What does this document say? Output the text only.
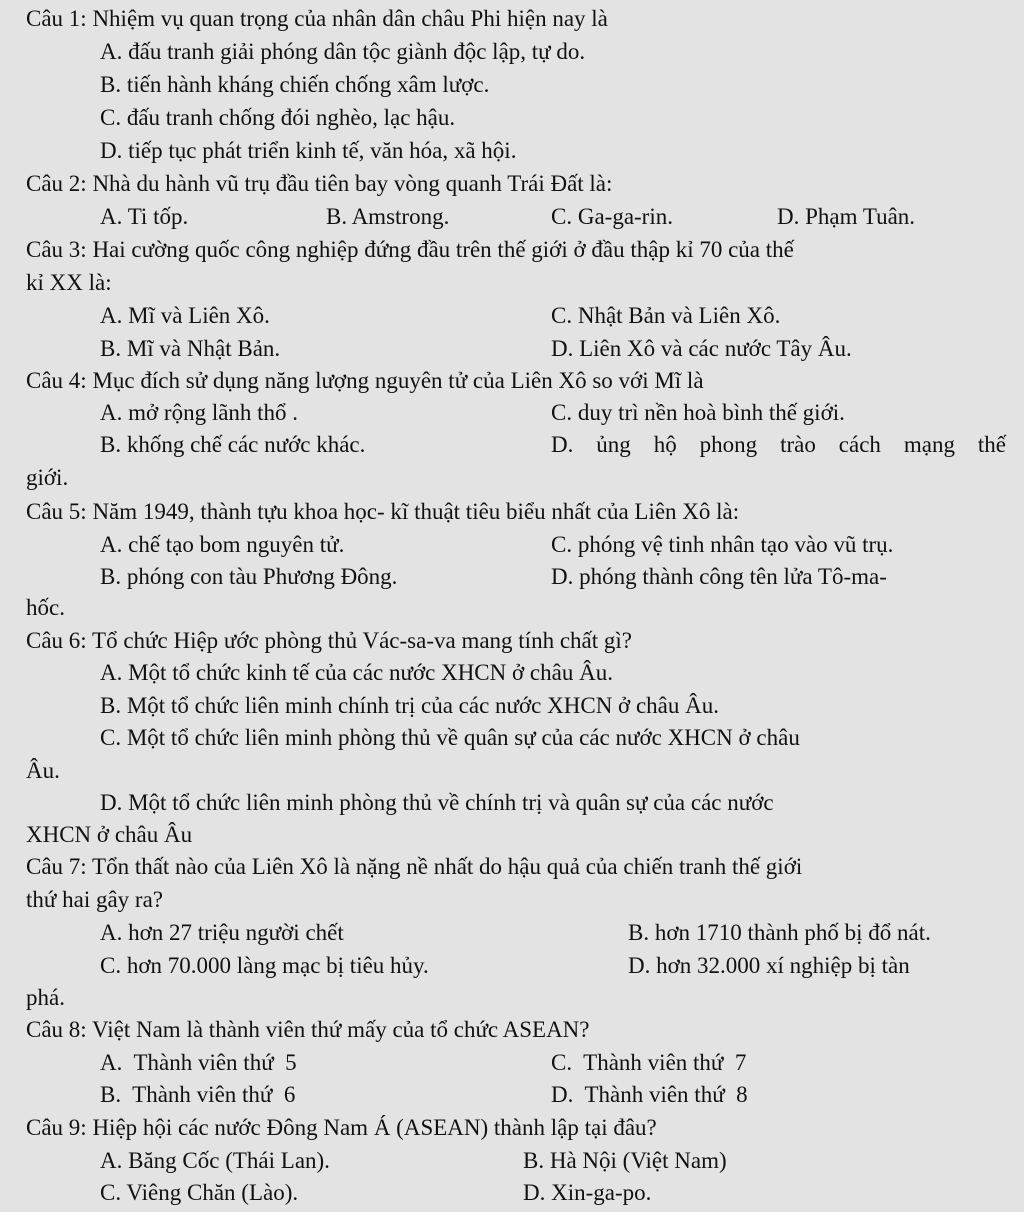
Câu 1: Nhiệm vụ quan trọng của nhân dân châu Phi hiện nay là
A. đấu tranh giải phóng dân tộc giành độc lập, tự do.
B. tiến hành kháng chiến chống xâm lược.
C. đấu tranh chống đói nghèo, lạc hậu.
D. tiếp tục phát triển kinh tế, văn hóa, xã hội.
Câu 2: Nhà du hành vũ trụ đầu tiên bay vòng quanh Trái Đất là:
A. Ti tốp.	B. Amstrong.	C. Ga-ga-rin.	D. Phạm Tuân.
Câu 3: Hai cường quốc công nghiệp đứng đầu trên thế giới ở đầu thập kỉ 70 của thế
kỉ XX là:
A. Mĩ và Liên Xô.	C. Nhật Bản và Liên Xô.
B. Mĩ và Nhật Bản.	D. Liên Xô và các nước Tây Âu.
Câu 4: Mục đích sử dụng năng lượng nguyên tử của Liên Xô so với Mĩ là
A. mở rộng lãnh thổ .	C. duy trì nền hoà bình thế giới.
B. khống chế các nước khác.	D. ủng hộ phong trào cách mạng thế
giới.
Câu 5: Năm 1949, thành tựu khoa học- kĩ thuật tiêu biểu nhất của Liên Xô là:
A. chế tạo bom nguyên tử.	C. phóng vệ tinh nhân tạo vào vũ trụ.
B. phóng con tàu Phương Đông.	D. phóng thành công tên lửa Tô-ma-
hốc.
Câu 6: Tổ chức Hiệp ước phòng thủ Vác-sa-va mang tính chất gì?
A. Một tổ chức kinh tế của các nước XHCN ở châu Âu.
B. Một tổ chức liên minh chính trị của các nước XHCN ở châu Âu.
C. Một tổ chức liên minh phòng thủ về quân sự của các nước XHCN ở châu
Âu.
D. Một tổ chức liên minh phòng thủ về chính trị và quân sự của các nước
XHCN ở châu Âu
Câu 7: Tổn thất nào của Liên Xô là nặng nề nhất do hậu quả của chiến tranh thế giới
thứ hai gây ra?
A. hơn 27 triệu người chết	B. hơn 1710 thành phố bị đổ nát.
C. hơn 70.000 làng mạc bị tiêu hủy.	D. hơn 32.000 xí nghiệp bị tàn
phá.
Câu 8: Việt Nam là thành viên thứ mấy của tổ chức ASEAN?
A.  Thành viên thứ  5	C.  Thành viên thứ  7
B.  Thành viên thứ  6	D.  Thành viên thứ  8
Câu 9: Hiệp hội các nước Đông Nam Á (ASEAN) thành lập tại đâu?
A. Băng Cốc (Thái Lan).	B. Hà Nội (Việt Nam)
C. Viêng Chăn (Lào).	D. Xin-ga-po.
